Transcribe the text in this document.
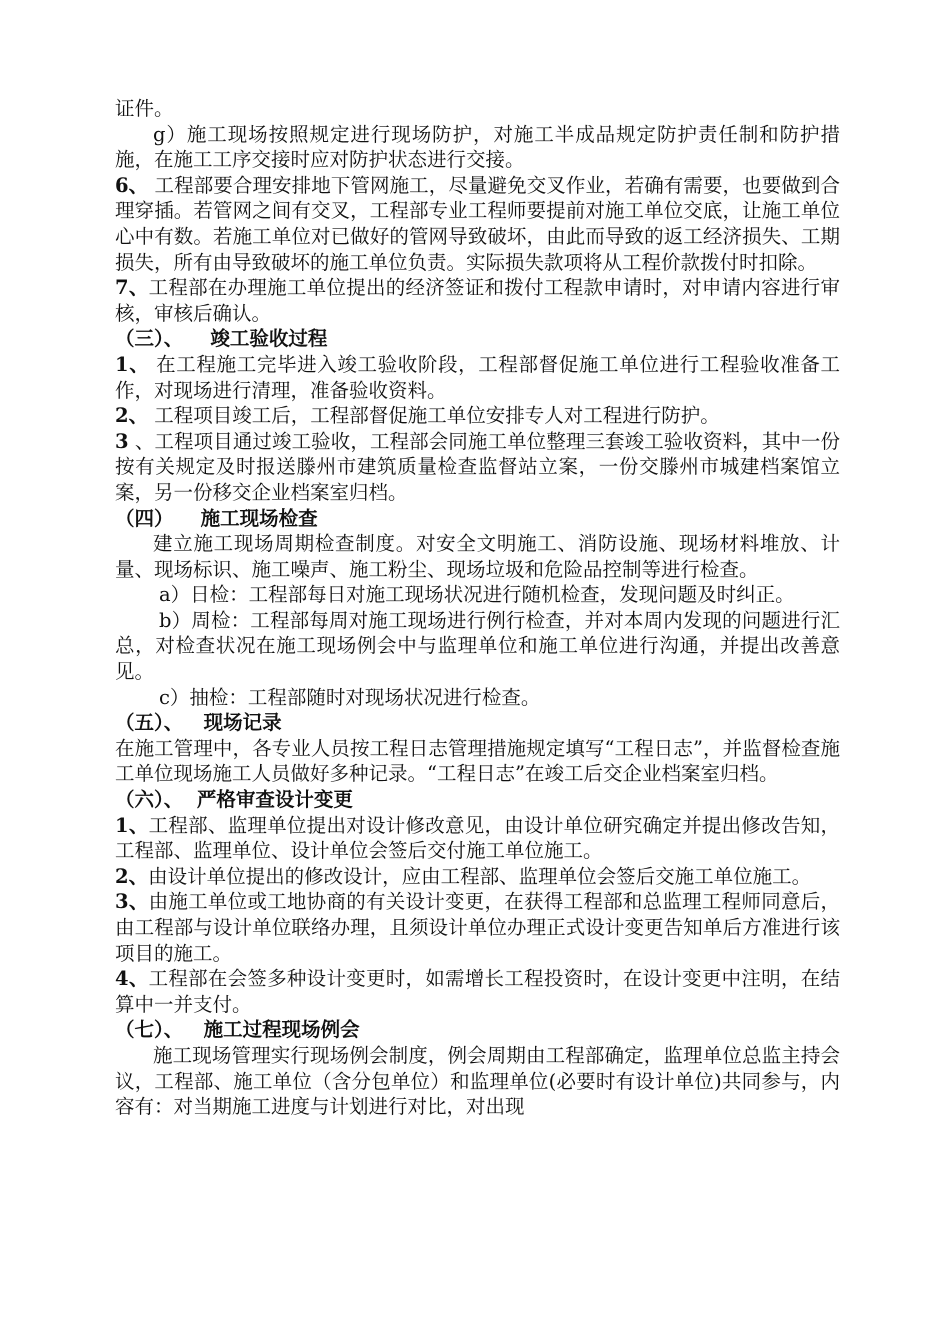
证件。

g）施工现场按照规定进行现场防护，对施工半成品规定防护责任制和防护措施，在施工工序交接时应对防护状态进行交接。

6、 工程部要合理安排地下管网施工，尽量避免交叉作业，若确有需要，也要做到合理穿插。若管网之间有交叉，工程部专业工程师要提前对施工单位交底，让施工单位心中有数。若施工单位对已做好的管网导致破坏，由此而导致的返工经济损失、工期损失，所有由导致破坏的施工单位负责。实际损失款项将从工程价款拨付时扣除。

7、工程部在办理施工单位提出的经济签证和拨付工程款申请时，对申请内容进行审核，审核后确认。

（三）、    竣工验收过程

1、 在工程施工完毕进入竣工验收阶段，工程部督促施工单位进行工程验收准备工作，对现场进行清理，准备验收资料。

2、 工程项目竣工后，工程部督促施工单位安排专人对工程进行防护。

3 、工程项目通过竣工验收，工程部会同施工单位整理三套竣工验收资料，其中一份按有关规定及时报送滕州市建筑质量检查监督站立案，一份交滕州市城建档案馆立案，另一份移交企业档案室归档。

（四）    施工现场检查

建立施工现场周期检查制度。对安全文明施工、消防设施、现场材料堆放、计量、现场标识、施工噪声、施工粉尘、现场垃圾和危险品控制等进行检查。

a）日检：工程部每日对施工现场状况进行随机检查，发现问题及时纠正。

b）周检：工程部每周对施工现场进行例行检查，并对本周内发现的问题进行汇总，对检查状况在施工现场例会中与监理单位和施工单位进行沟通，并提出改善意见。

c）抽检：工程部随时对现场状况进行检查。

（五）、   现场记录

在施工管理中，各专业人员按工程日志管理措施规定填写“工程日志”，并监督检查施工单位现场施工人员做好多种记录。“工程日志”在竣工后交企业档案室归档。

（六）、  严格审查设计变更

1、工程部、监理单位提出对设计修改意见，由设计单位研究确定并提出修改告知，工程部、监理单位、设计单位会签后交付施工单位施工。

2、由设计单位提出的修改设计，应由工程部、监理单位会签后交施工单位施工。

3、由施工单位或工地协商的有关设计变更，在获得工程部和总监理工程师同意后，由工程部与设计单位联络办理，且须设计单位办理正式设计变更告知单后方准进行该项目的施工。

4、工程部在会签多种设计变更时，如需增长工程投资时，在设计变更中注明，在结算中一并支付。

（七）、   施工过程现场例会

施工现场管理实行现场例会制度，例会周期由工程部确定，监理单位总监主持会议，工程部、施工单位（含分包单位）和监理单位(必要时有设计单位)共同参与，内容有：对当期施工进度与计划进行对比，对出现
